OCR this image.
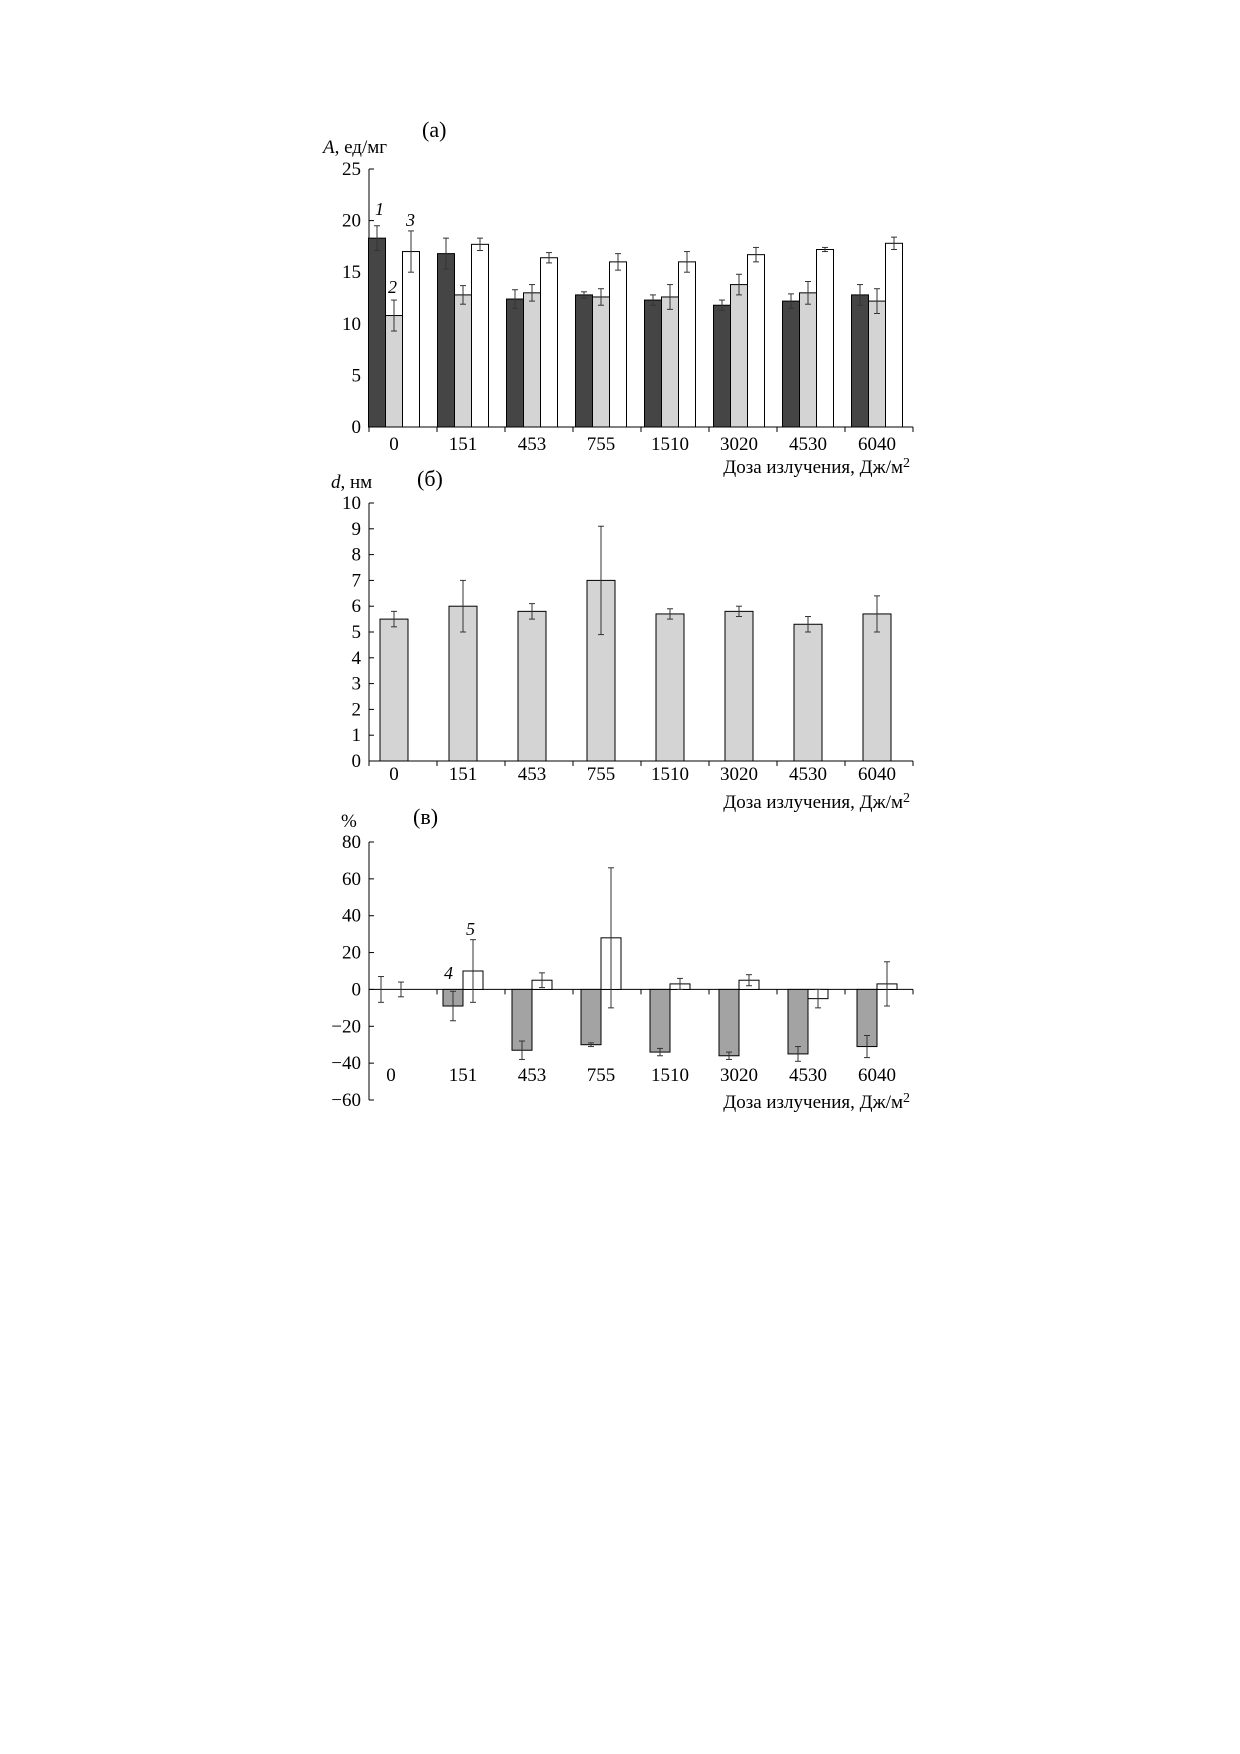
(а)
A, ед/мг
0
5
10
15
20
25
0	151 453 755 1510 3020 4530 6040
Доза излучения, $Дж/м^2$
1
2
3
(б)
d, нм
0
1
2
3
4
5
6
7
8
9
10
0	151 453 755 1510 3020 4530 6040
Доза излучения, $Дж/м^2$
(в)
%
80
60
40
20
0
−20
−40
−60
0	151 453 755 1510 3020 4530 6040
Доза излучения, $Дж/м^2$
4
5
